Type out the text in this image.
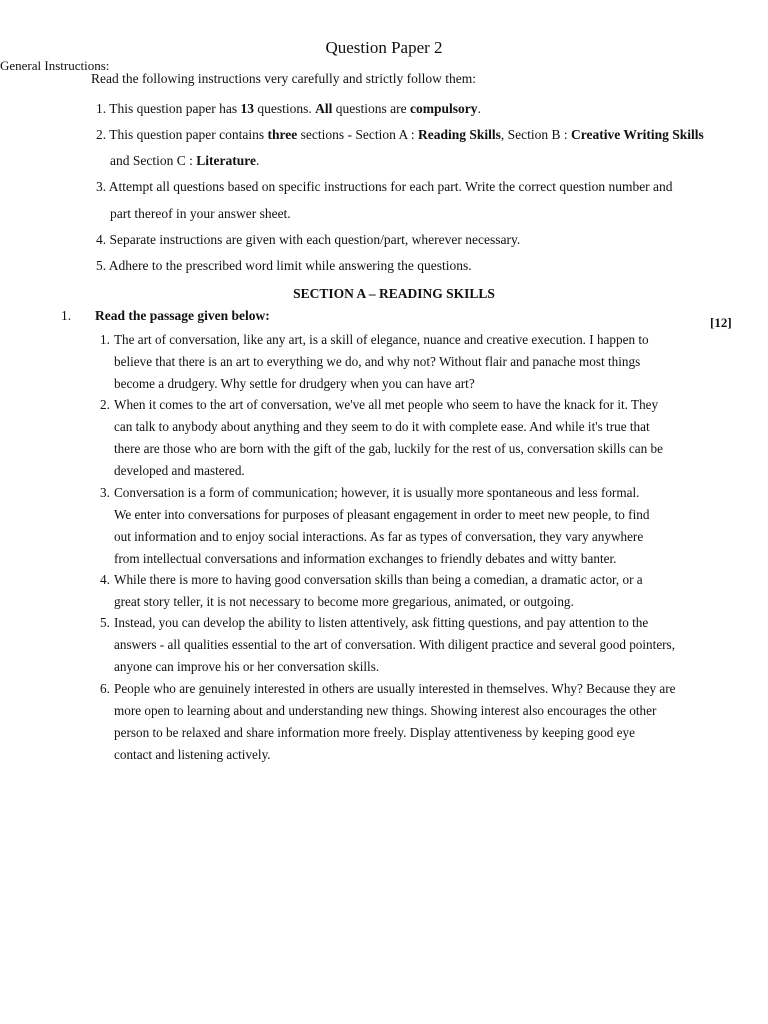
Question Paper 2
General Instructions:
Read the following instructions very carefully and strictly follow them:
1. This question paper has 13 questions. All questions are compulsory.
2. This question paper contains three sections - Section A : Reading Skills, Section B : Creative Writing Skills
and Section C : Literature.
3. Attempt all questions based on specific instructions for each part. Write the correct question number and
part thereof in your answer sheet.
4. Separate instructions are given with each question/part, wherever necessary.
5. Adhere to the prescribed word limit while answering the questions.
SECTION A – READING SKILLS
1. Read the passage given below:	[12]
1. The art of conversation, like any art, is a skill of elegance, nuance and creative execution. I happen to
believe that there is an art to everything we do, and why not? Without flair and panache most things
become a drudgery. Why settle for drudgery when you can have art?
2. When it comes to the art of conversation, we've all met people who seem to have the knack for it. They
can talk to anybody about anything and they seem to do it with complete ease. And while it's true that
there are those who are born with the gift of the gab, luckily for the rest of us, conversation skills can be
developed and mastered.
3. Conversation is a form of communication; however, it is usually more spontaneous and less formal.
We enter into conversations for purposes of pleasant engagement in order to meet new people, to find
out information and to enjoy social interactions. As far as types of conversation, they vary anywhere
from intellectual conversations and information exchanges to friendly debates and witty banter.
4. While there is more to having good conversation skills than being a comedian, a dramatic actor, or a
great story teller, it is not necessary to become more gregarious, animated, or outgoing.
5. Instead, you can develop the ability to listen attentively, ask fitting questions, and pay attention to the
answers - all qualities essential to the art of conversation. With diligent practice and several good pointers,
anyone can improve his or her conversation skills.
6. People who are genuinely interested in others are usually interested in themselves. Why? Because they are
more open to learning about and understanding new things. Showing interest also encourages the other
person to be relaxed and share information more freely. Display attentiveness by keeping good eye
contact and listening actively.
